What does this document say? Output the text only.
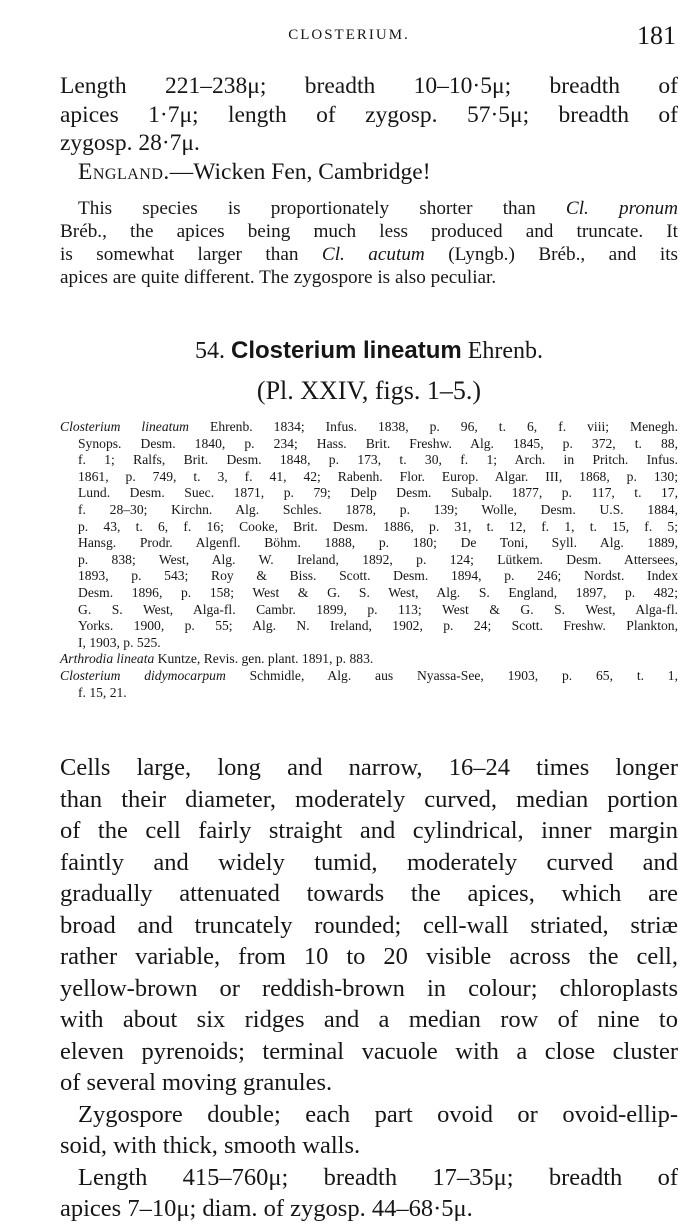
CLOSTERIUM.	181
Length 221–238μ; breadth 10–10·5μ; breadth of
apices 1·7μ; length of zygosp. 57·5μ; breadth of
zygosp. 28·7μ.
England.—Wicken Fen, Cambridge!
This species is proportionately shorter than Cl. pronum
Bréb., the apices being much less produced and truncate. It
is somewhat larger than Cl. acutum (Lyngb.) Bréb., and its
apices are quite different. The zygospore is also peculiar.
54. Closterium lineatum Ehrenb.
(Pl. XXIV, figs. 1–5.)
Closterium lineatum Ehrenb. 1834; Infus. 1838, p. 96, t. 6, f. viii; Menegh.
Synops. Desm. 1840, p. 234; Hass. Brit. Freshw. Alg. 1845, p. 372, t. 88,
f. 1; Ralfs, Brit. Desm. 1848, p. 173, t. 30, f. 1; Arch. in Pritch. Infus.
1861, p. 749, t. 3, f. 41, 42; Rabenh. Flor. Europ. Algar. III, 1868, p. 130;
Lund. Desm. Suec. 1871, p. 79; Delp Desm. Subalp. 1877, p. 117, t. 17,
f. 28–30; Kirchn. Alg. Schles. 1878, p. 139; Wolle, Desm. U.S. 1884,
p. 43, t. 6, f. 16; Cooke, Brit. Desm. 1886, p. 31, t. 12, f. 1, t. 15, f. 5;
Hansg. Prodr. Algenfl. Böhm. 1888, p. 180; De Toni, Syll. Alg. 1889,
p. 838; West, Alg. W. Ireland, 1892, p. 124; Lütkem. Desm. Attersees,
1893, p. 543; Roy & Biss. Scott. Desm. 1894, p. 246; Nordst. Index
Desm. 1896, p. 158; West & G. S. West, Alg. S. England, 1897, p. 482;
G. S. West, Alga-fl. Cambr. 1899, p. 113; West & G. S. West, Alga-fl.
Yorks. 1900, p. 55; Alg. N. Ireland, 1902, p. 24; Scott. Freshw. Plankton,
I, 1903, p. 525.
Arthrodia lineata Kuntze, Revis. gen. plant. 1891, p. 883.
Closterium didymocarpum Schmidle, Alg. aus Nyassa-See, 1903, p. 65, t. 1,
f. 15, 21.
Cells large, long and narrow, 16–24 times longer
than their diameter, moderately curved, median portion
of the cell fairly straight and cylindrical, inner margin
faintly and widely tumid, moderately curved and
gradually attenuated towards the apices, which are
broad and truncately rounded; cell-wall striated, striæ
rather variable, from 10 to 20 visible across the cell,
yellow-brown or reddish-brown in colour; chloroplasts
with about six ridges and a median row of nine to
eleven pyrenoids; terminal vacuole with a close cluster
of several moving granules.
Zygospore double; each part ovoid or ovoid-ellip-
soid, with thick, smooth walls.
Length 415–760μ; breadth 17–35μ; breadth of
apices 7–10μ; diam. of zygosp. 44–68·5μ.
